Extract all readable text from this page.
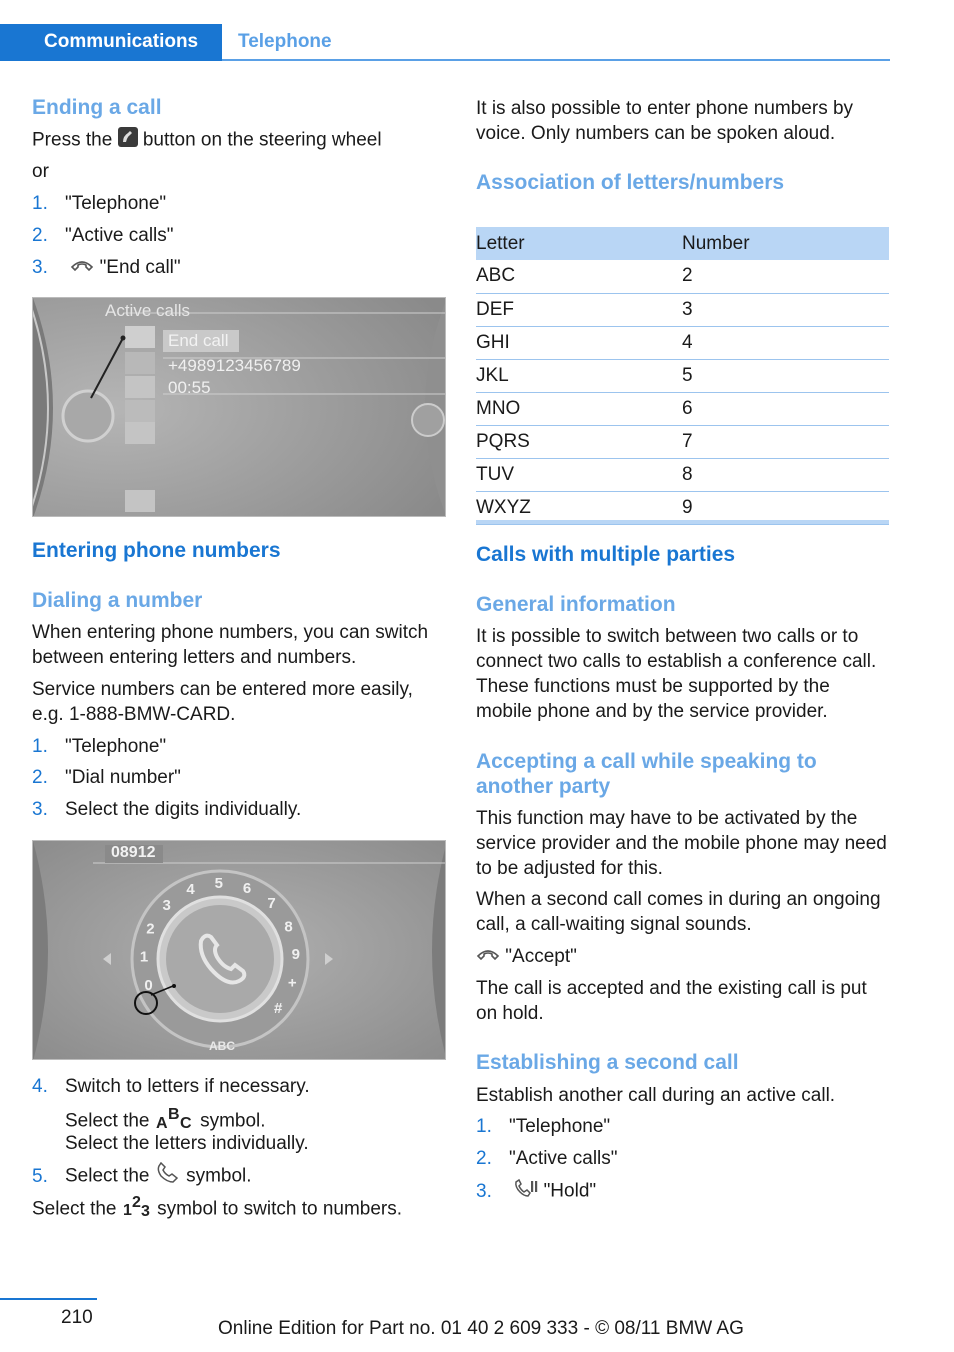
Communications Telephone
Ending a call
Press the button on the steering wheel
or
1. "Telephone"
2. "Active calls"
3.	"End call"
Active calls
End call
+4989123456789
00:55
Entering phone numbers
Dialing a number
When entering phone numbers, you can switch between entering letters and numbers.
Service numbers can be entered more easily, e.g. 1-888-BMW-CARD.
1. "Telephone"
2. "Dial number"
3. Select the digits individually.
0
1
2
3
4 5 6
7
8
9
+
#
08912
ABC
4. Switch to letters if necessary.
Select the A
B
C symbol.
Select the letters individually.
5. Select the symbol.
Select the 1 2
3 symbol to switch to numbers.
It is also possible to enter phone numbers by voice. Only numbers can be spoken aloud.
Association of letters/numbers
Letter	Number
ABC	2
DEF	3
GHI	4
JKL	5
MNO	6
PQRS	7
TUV	8
WXYZ	9
Calls with multiple parties
General information
It is possible to switch between two calls or to connect two calls to establish a conference call. These functions must be supported by the mobile phone and by the service provider.
Accepting a call while speaking to another party
This function may have to be activated by the service provider and the mobile phone may need to be adjusted for this.
When a second call comes in during an ongoing call, a call-waiting signal sounds.
"Accept"
The call is accepted and the existing call is put on hold.
Establishing a second call
Establish another call during an active call.
1. "Telephone"
2. "Active calls"
3.	"Hold"
210
Online Edition for Part no. 01 40 2 609 333 - © 08/11 BMW AG
